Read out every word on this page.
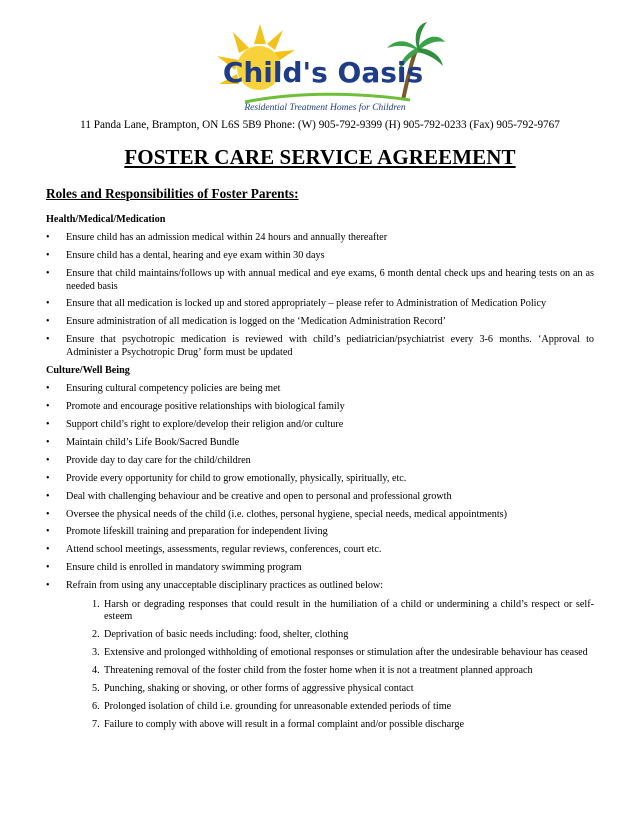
Child's Oasis
Residential Treatment Homes for Children
11 Panda Lane, Brampton, ON L6S 5B9 Phone: (W) 905-792-9399 (H) 905-792-0233 (Fax) 905-792-9767
FOSTER CARE SERVICE AGREEMENT
Roles and Responsibilities of Foster Parents:
Health/Medical/Medication
• Ensure child has an admission medical within 24 hours and annually thereafter
• Ensure child has a dental, hearing and eye exam within 30 days
• Ensure that child maintains/follows up with annual medical and eye exams, 6 month dental check ups and hearing tests on an as needed basis
• Ensure that all medication is locked up and stored appropriately – please refer to Administration of Medication Policy
• Ensure administration of all medication is logged on the ‘Medication Administration Record’
• Ensure that psychotropic medication is reviewed with child’s pediatrician/psychiatrist every 3-6 months. ‘Approval to Administer a Psychotropic Drug’ form must be updated
Culture/Well Being
• Ensuring cultural competency policies are being met
• Promote and encourage positive relationships with biological family
• Support child’s right to explore/develop their religion and/or culture
• Maintain child’s Life Book/Sacred Bundle
• Provide day to day care for the child/children
• Provide every opportunity for child to grow emotionally, physically, spiritually, etc.
• Deal with challenging behaviour and be creative and open to personal and professional growth
• Oversee the physical needs of the child (i.e. clothes, personal hygiene, special needs, medical appointments)
• Promote lifeskill training and preparation for independent living
• Attend school meetings, assessments, regular reviews, conferences, court etc.
• Ensure child is enrolled in mandatory swimming program
• Refrain from using any unacceptable disciplinary practices as outlined below:
1. Harsh or degrading responses that could result in the humiliation of a child or undermining a child’s respect or self-esteem
2. Deprivation of basic needs including: food, shelter, clothing
3. Extensive and prolonged withholding of emotional responses or stimulation after the undesirable behaviour has ceased
4. Threatening removal of the foster child from the foster home when it is not a treatment planned approach
5. Punching, shaking or shoving, or other forms of aggressive physical contact
6. Prolonged isolation of child i.e. grounding for unreasonable extended periods of time
7. Failure to comply with above will result in a formal complaint and/or possible discharge
